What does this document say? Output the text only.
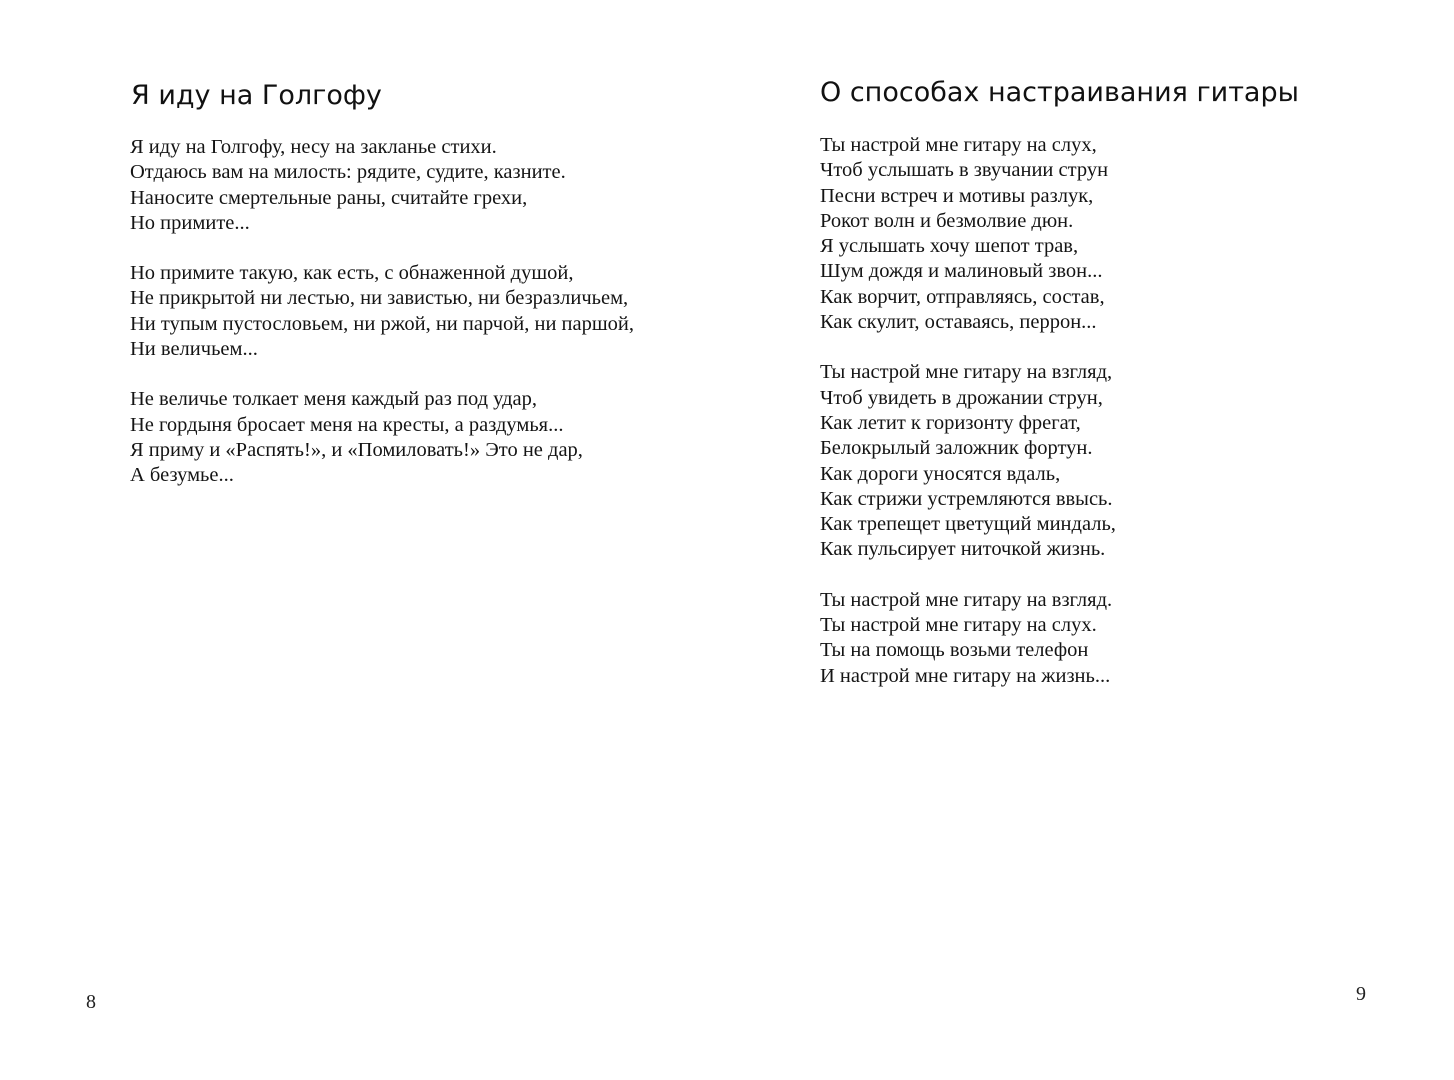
Я иду на Голгофу
Я иду на Голгофу, несу на закланье стихи.
Отдаюсь вам на милость: рядите, судите, казните.
Наносите смертельные раны, считайте грехи,
Но примите...
Но примите такую, как есть, с обнаженной душой,
Не прикрытой ни лестью, ни завистью, ни безразличьем,
Ни тупым пустословьем, ни ржой, ни парчой, ни паршой,
Ни величьем...
Не величье толкает меня каждый раз под удар,
Не гордыня бросает меня на кресты, а раздумья...
Я приму и «Распять!», и «Помиловать!» Это не дар,
А безумье...
8
О способах настраивания гитары
Ты настрой мне гитару на слух,
Чтоб услышать в звучании струн
Песни встреч и мотивы разлук,
Рокот волн и безмолвие дюн.
Я услышать хочу шепот трав,
Шум дождя и малиновый звон...
Как ворчит, отправляясь, состав,
Как скулит, оставаясь, перрон...
Ты настрой мне гитару на взгляд,
Чтоб увидеть в дрожании струн,
Как летит к горизонту фрегат,
Белокрылый заложник фортун.
Как дороги уносятся вдаль,
Как стрижи устремляются ввысь.
Как трепещет цветущий миндаль,
Как пульсирует ниточкой жизнь.
Ты настрой мне гитару на взгляд.
Ты настрой мне гитару на слух.
Ты на помощь возьми телефон
И настрой мне гитару на жизнь...
9
